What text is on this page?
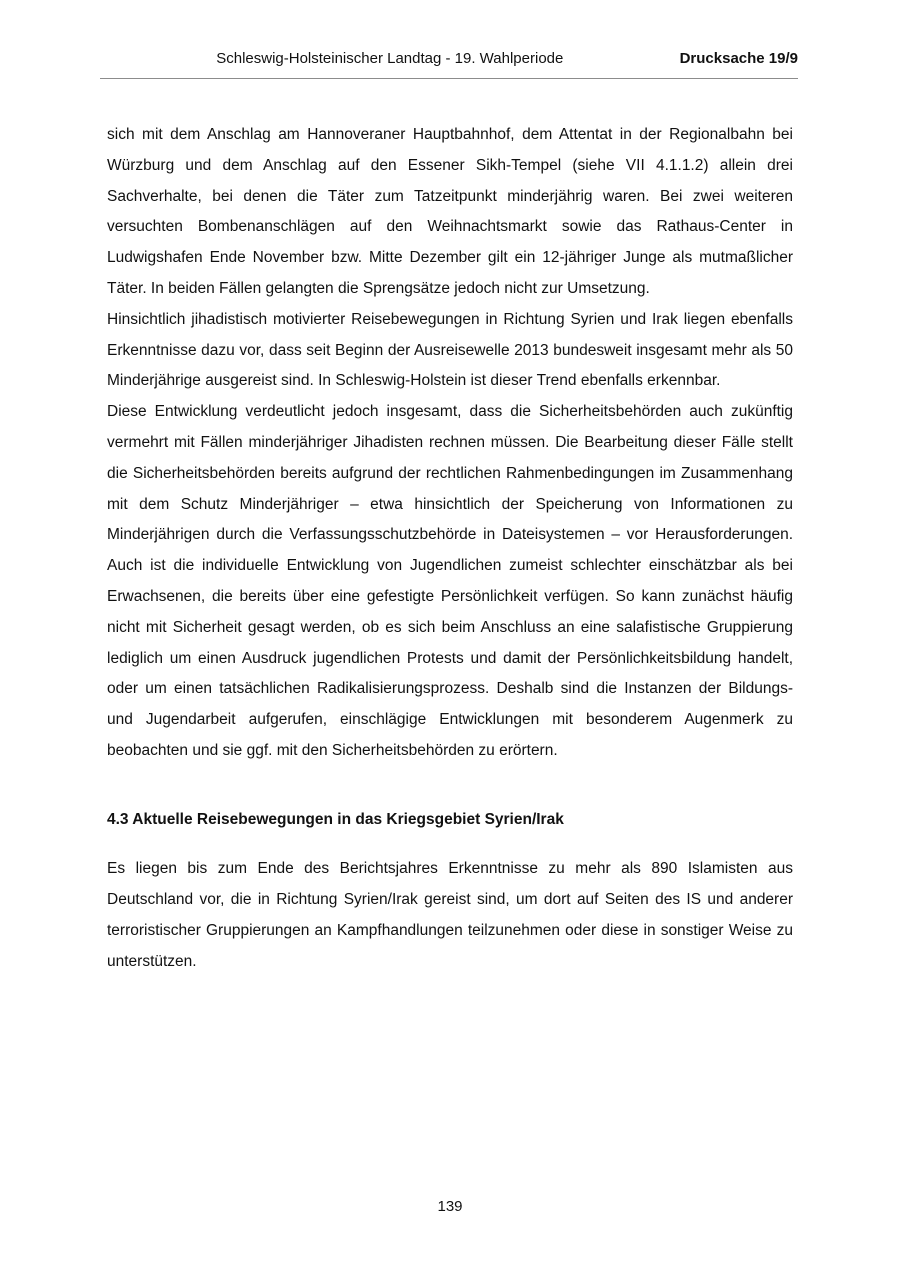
Schleswig-Holsteinischer Landtag - 19. Wahlperiode	Drucksache 19/9

sich mit dem Anschlag am Hannoveraner Hauptbahnhof, dem Attentat in der Regionalbahn bei Würzburg und dem Anschlag auf den Essener Sikh-Tempel (siehe VII 4.1.1.2) allein drei Sachverhalte, bei denen die Täter zum Tatzeitpunkt minderjährig waren. Bei zwei weiteren versuchten Bombenanschlägen auf den Weihnachtsmarkt sowie das Rathaus-Center in Ludwigshafen Ende November bzw. Mitte Dezember gilt ein 12-jähriger Junge als mutmaßlicher Täter. In beiden Fällen gelangten die Sprengsätze jedoch nicht zur Umsetzung.

Hinsichtlich jihadistisch motivierter Reisebewegungen in Richtung Syrien und Irak liegen ebenfalls Erkenntnisse dazu vor, dass seit Beginn der Ausreisewelle 2013 bundesweit insgesamt mehr als 50 Minderjährige ausgereist sind. In Schleswig-Holstein ist dieser Trend ebenfalls erkennbar.

Diese Entwicklung verdeutlicht jedoch insgesamt, dass die Sicherheitsbehörden auch zukünftig vermehrt mit Fällen minderjähriger Jihadisten rechnen müssen. Die Bearbeitung dieser Fälle stellt die Sicherheitsbehörden bereits aufgrund der rechtlichen Rahmenbedingungen im Zusammenhang mit dem Schutz Minderjähriger – etwa hinsichtlich der Speicherung von Informationen zu Minderjährigen durch die Verfassungsschutzbehörde in Dateisystemen – vor Herausforderungen. Auch ist die individuelle Entwicklung von Jugendlichen zumeist schlechter einschätzbar als bei Erwachsenen, die bereits über eine gefestigte Persönlichkeit verfügen. So kann zunächst häufig nicht mit Sicherheit gesagt werden, ob es sich beim Anschluss an eine salafistische Gruppierung lediglich um einen Ausdruck jugendlichen Protests und damit der Persönlichkeitsbildung handelt, oder um einen tatsächlichen Radikalisierungsprozess. Deshalb sind die Instanzen der Bildungs- und Jugendarbeit aufgerufen, einschlägige Entwicklungen mit besonderem Augenmerk zu beobachten und sie ggf. mit den Sicherheitsbehörden zu erörtern.

4.3 Aktuelle Reisebewegungen in das Kriegsgebiet Syrien/Irak

Es liegen bis zum Ende des Berichtsjahres Erkenntnisse zu mehr als 890 Islamisten aus Deutschland vor, die in Richtung Syrien/Irak gereist sind, um dort auf Seiten des IS und anderer terroristischer Gruppierungen an Kampfhandlungen teilzunehmen oder diese in sonstiger Weise zu unterstützen.

139
